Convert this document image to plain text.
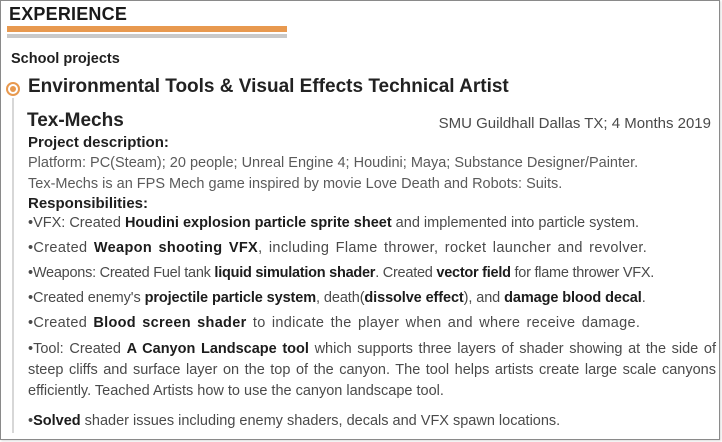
EXPERIENCE
School projects
Environmental Tools & Visual Effects Technical Artist
Tex-Mechs	SMU Guildhall Dallas TX; 4 Months 2019
Project description:
Platform: PC(Steam); 20 people; Unreal Engine 4; Houdini; Maya; Substance Designer/Painter.
Tex-Mechs is an FPS Mech game inspired by movie Love Death and Robots: Suits.
Responsibilities:
•VFX: Created Houdini explosion particle sprite sheet and implemented into particle system.
•Created Weapon shooting VFX, including Flame thrower, rocket launcher and revolver.
•Weapons: Created Fuel tank liquid simulation shader. Created vector field for flame thrower VFX.
•Created enemy's projectile particle system, death(dissolve effect), and damage blood decal.
•Created Blood screen shader to indicate the player when and where receive damage.
•Tool: Created A Canyon Landscape tool which supports three layers of shader showing at the side of steep cliffs and surface layer on the top of the canyon. The tool helps artists create large scale canyons efficiently. Teached Artists how to use the canyon landscape tool.
•Solved shader issues including enemy shaders, decals and VFX spawn locations.
